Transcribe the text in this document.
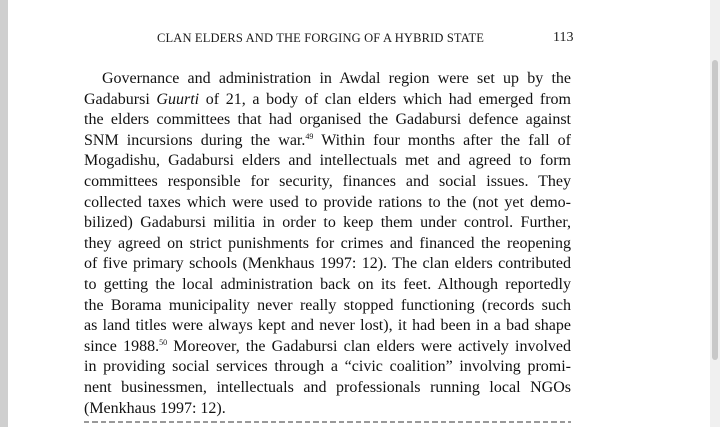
CLAN ELDERS AND THE FORGING OF A HYBRID STATE	113
Governance and administration in Awdal region were set up by the
Gadabursi Guurti of 21, a body of clan elders which had emerged from
the elders committees that had organised the Gadabursi defence against
SNM incursions during the war.$^{49}$ Within four months after the fall of
Mogadishu, Gadabursi elders and intellectuals met and agreed to form
committees responsible for security, finances and social issues. They
collected taxes which were used to provide rations to the (not yet demo-
bilized) Gadabursi militia in order to keep them under control. Further,
they agreed on strict punishments for crimes and financed the reopening
of five primary schools (Menkhaus 1997: 12). The clan elders contributed
to getting the local administration back on its feet. Although reportedly
the Borama municipality never really stopped functioning (records such
as land titles were always kept and never lost), it had been in a bad shape
since 1988.50 Moreover, the Gadabursi clan elders were actively involved
in providing social services through a “civic coalition” involving promi-
nent businessmen, intellectuals and professionals running local NGOs
(Menkhaus 1997: 12).
